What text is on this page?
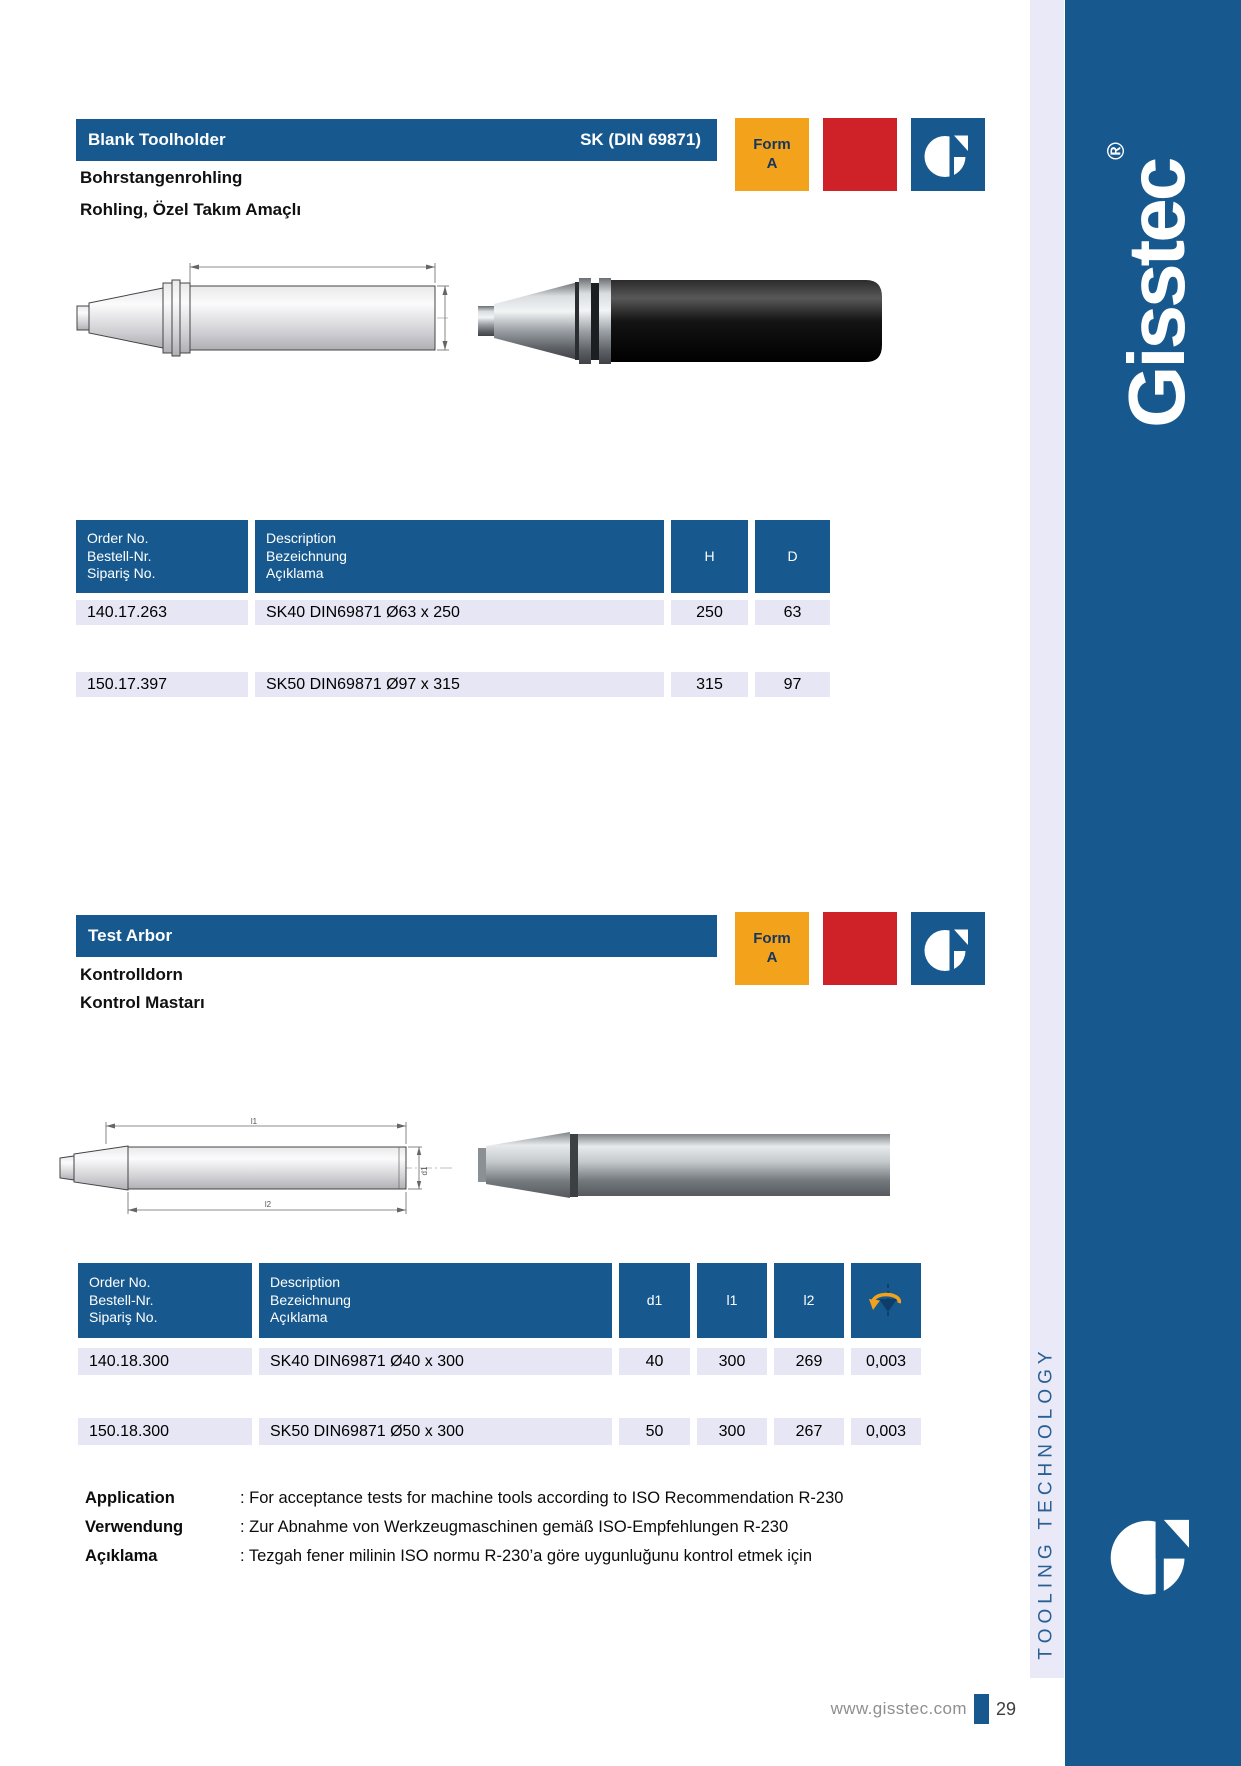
Gisstec®
TOOLING TECHNOLOGY
Blank Toolholder	SK (DIN 69871)	Form
A
Bohrstangenrohling
Rohling, Özel Takım Amaçlı
Order No.
Bestell-Nr.
Sipariş No.
Description
Bezeichnung
Açıklama
H	D
140.17.263	SK40 DIN69871 Ø63 x 250	250	63
150.17.397	SK50 DIN69871 Ø97 x 315	315	97
Test Arbor	Form
A
Kontrolldorn
Kontrol Mastarı
l1
l2
d1
Order No.
Bestell-Nr.
Sipariş No.
Description
Bezeichnung
Açıklama
d1	l1	l2
140.18.300	SK40 DIN69871 Ø40 x 300	40	300	269	0,003
150.18.300	SK50 DIN69871 Ø50 x 300	50	300	267	0,003
Application	: For acceptance tests for machine tools according to ISO Recommendation R-230
Verwendung	: Zur Abnahme von Werkzeugmaschinen gemäß ISO-Empfehlungen R-230
Açıklama	: Tezgah fener milinin ISO normu R-230’a göre uygunluğunu kontrol etmek için
www.gisstec.com 29
